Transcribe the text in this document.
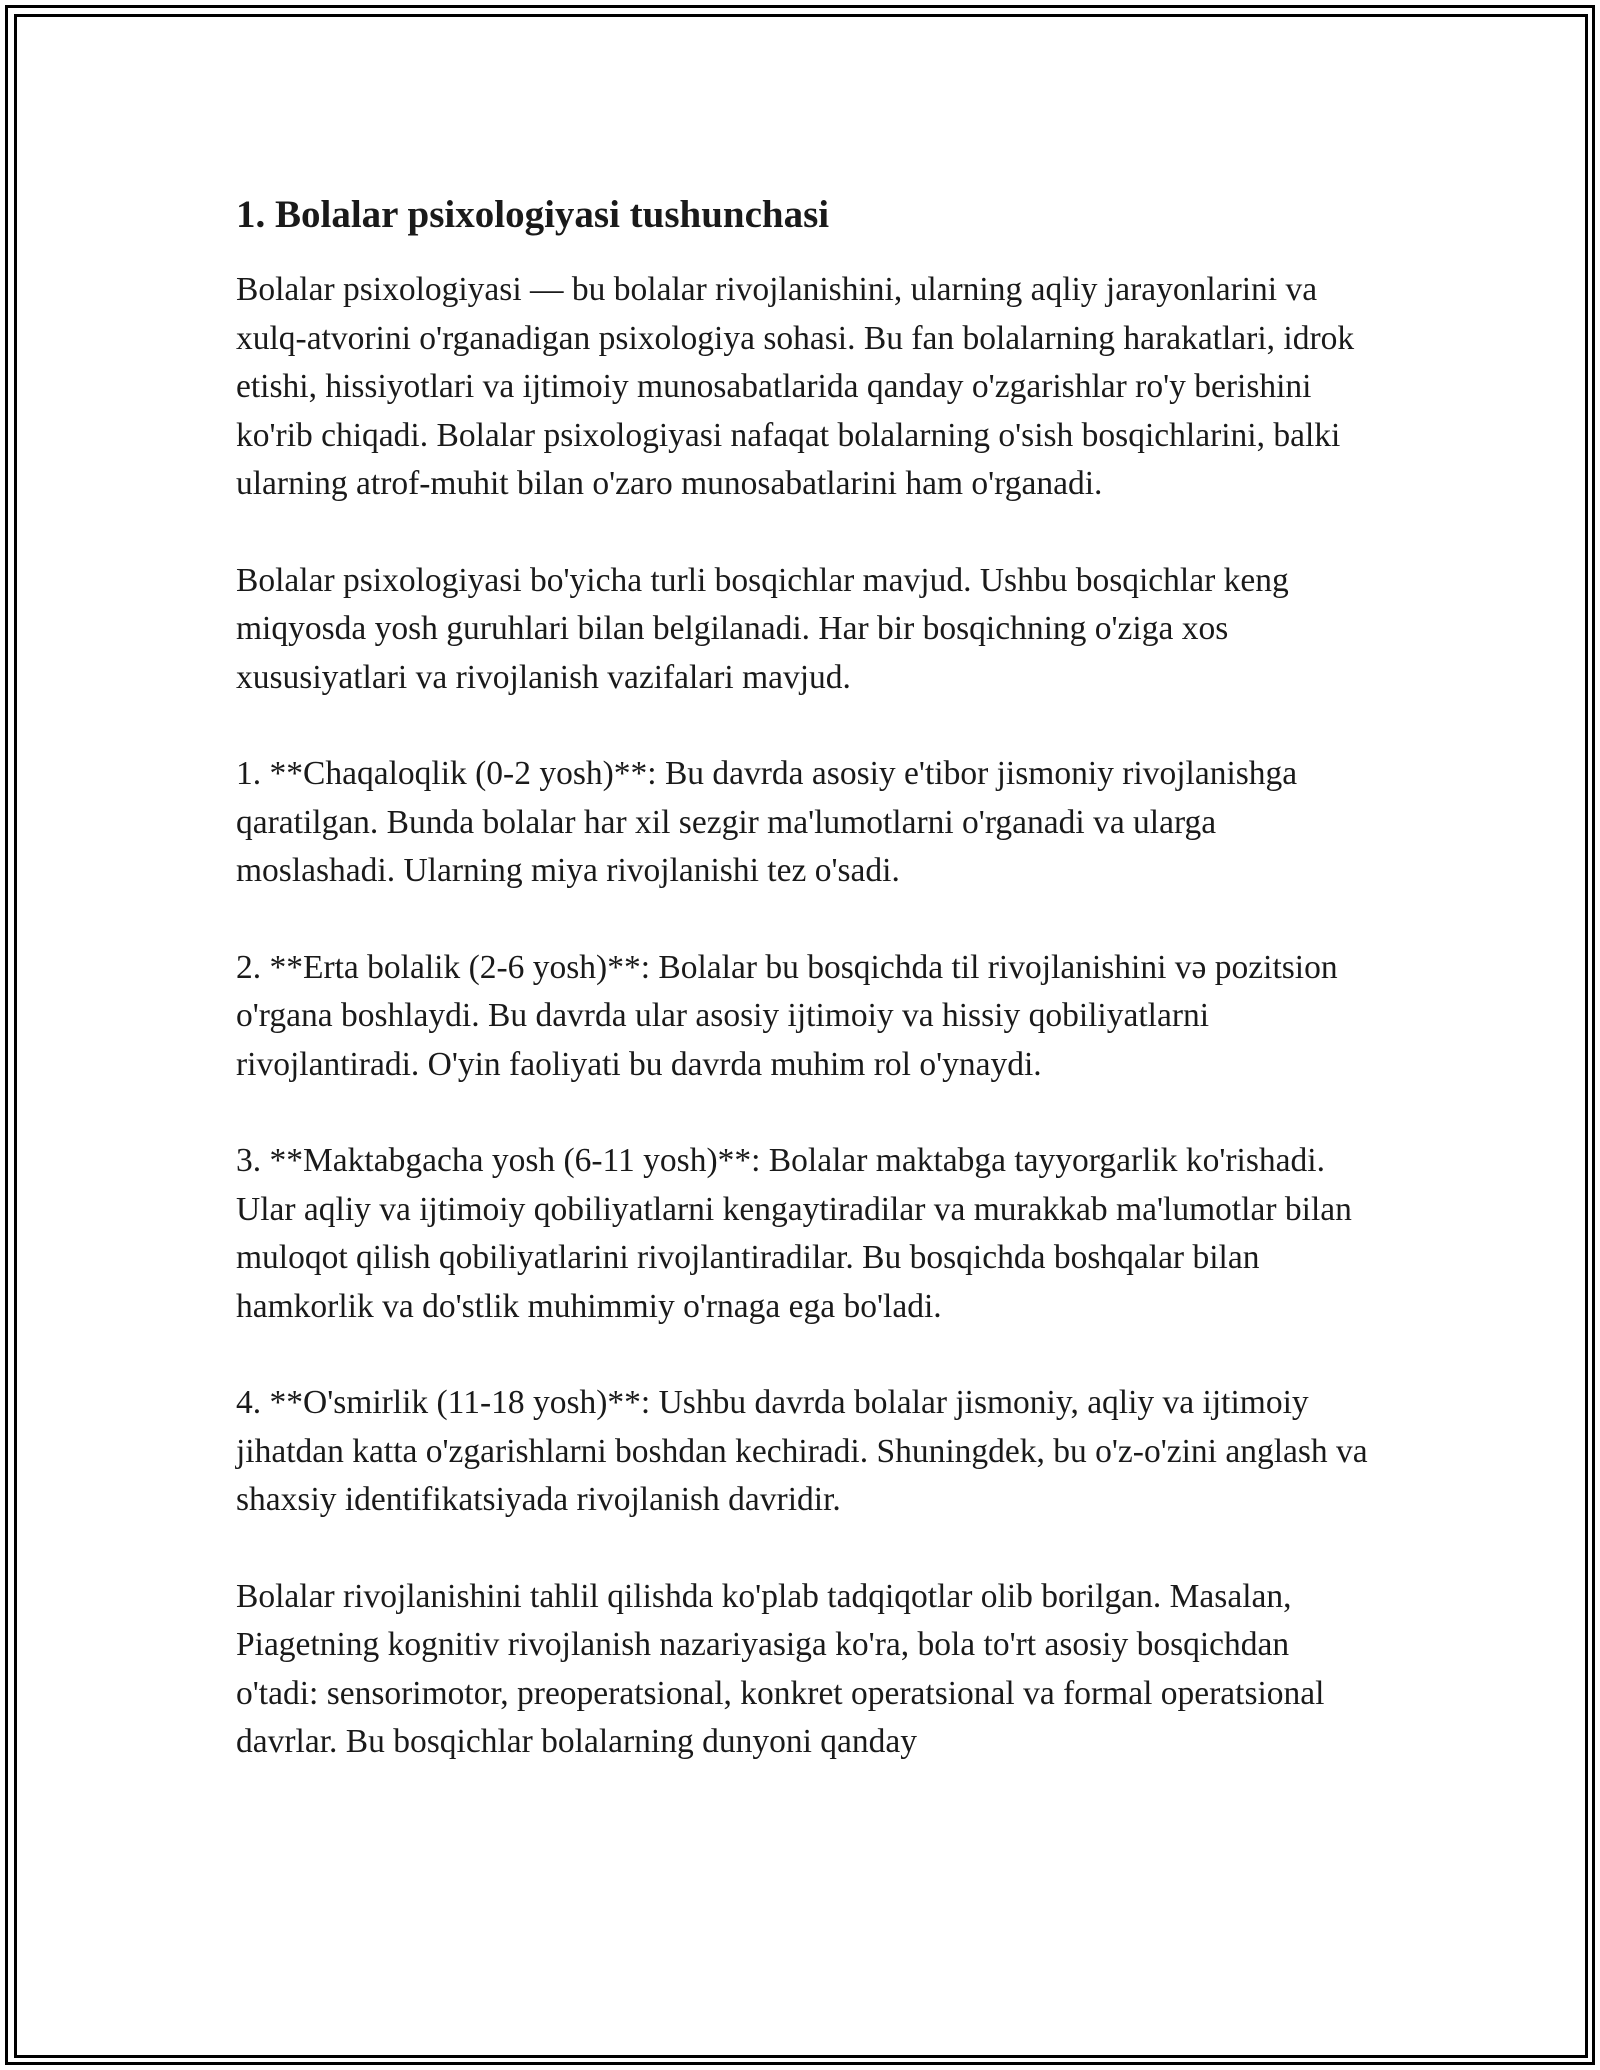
1. Bolalar psixologiyasi tushunchasi

Bolalar psixologiyasi — bu bolalar rivojlanishini, ularning aqliy jarayonlarini va xulq-atvorini o'rganadigan psixologiya sohasi. Bu fan bolalarning harakatlari, idrok etishi, hissiyotlari va ijtimoiy munosabatlarida qanday o'zgarishlar ro'y berishini ko'rib chiqadi. Bolalar psixologiyasi nafaqat bolalarning o'sish bosqichlarini, balki ularning atrof-muhit bilan o'zaro munosabatlarini ham o'rganadi.

Bolalar psixologiyasi bo'yicha turli bosqichlar mavjud. Ushbu bosqichlar keng miqyosda yosh guruhlari bilan belgilanadi. Har bir bosqichning o'ziga xos xususiyatlari va rivojlanish vazifalari mavjud.

1. **Chaqaloqlik (0-2 yosh)**: Bu davrda asosiy e'tibor jismoniy rivojlanishga qaratilgan. Bunda bolalar har xil sezgir ma'lumotlarni o'rganadi va ularga moslashadi. Ularning miya rivojlanishi tez o'sadi.

2. **Erta bolalik (2-6 yosh)**: Bolalar bu bosqichda til rivojlanishini və pozitsion o'rgana boshlaydi. Bu davrda ular asosiy ijtimoiy va hissiy qobiliyatlarni rivojlantiradi. O'yin faoliyati bu davrda muhim rol o'ynaydi.

3. **Maktabgacha yosh (6-11 yosh)**: Bolalar maktabga tayyorgarlik ko'rishadi. Ular aqliy va ijtimoiy qobiliyatlarni kengaytiradilar va murakkab ma'lumotlar bilan muloqot qilish qobiliyatlarini rivojlantiradilar. Bu bosqichda boshqalar bilan hamkorlik va do'stlik muhimmiy o'rnaga ega bo'ladi.

4. **O'smirlik (11-18 yosh)**: Ushbu davrda bolalar jismoniy, aqliy va ijtimoiy jihatdan katta o'zgarishlarni boshdan kechiradi. Shuningdek, bu o'z-o'zini anglash va shaxsiy identifikatsiyada rivojlanish davridir.

Bolalar rivojlanishini tahlil qilishda ko'plab tadqiqotlar olib borilgan. Masalan, Piagetning kognitiv rivojlanish nazariyasiga ko'ra, bola to'rt asosiy bosqichdan o'tadi: sensorimotor, preoperatsional, konkret operatsional va formal operatsional davrlar. Bu bosqichlar bolalarning dunyoni qanday
